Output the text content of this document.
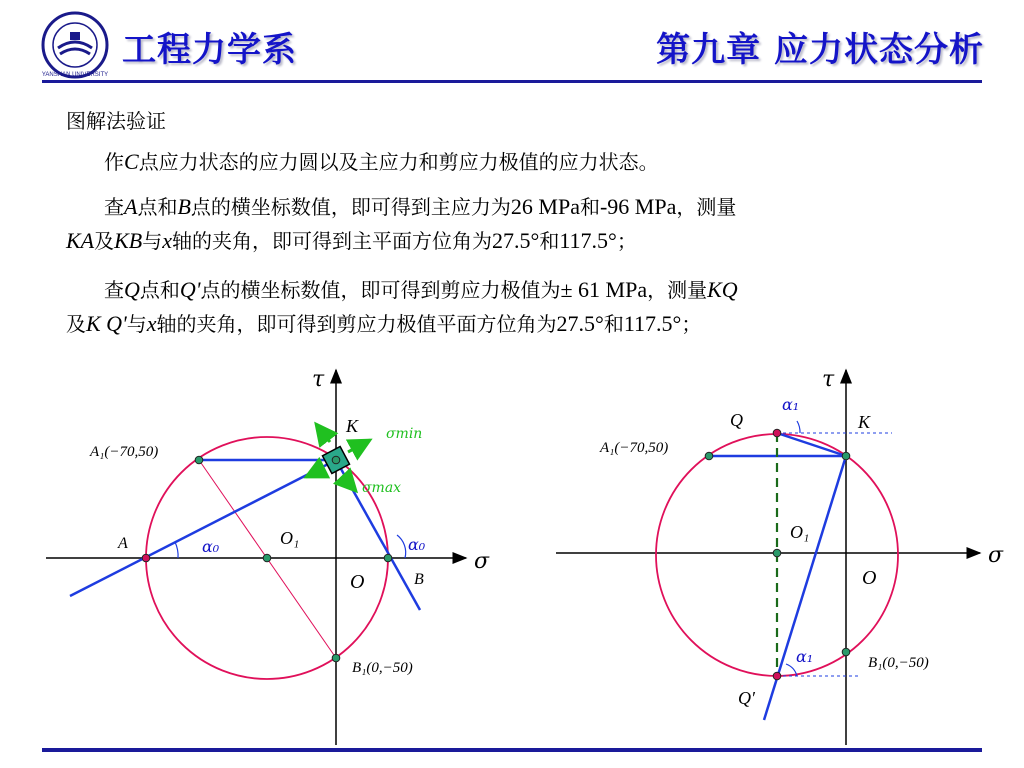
YANSHAN UNIVERSITY
工程力学系	第九章 应力状态分析
图解法验证
作C点应力状态的应力圆以及主应力和剪应力极值的应力状态。
查A点和B点的横坐标数值，即可得到主应力为26 MPa和-96 MPa，测量
KA及KB与x轴的夹角，即可得到主平面方位角为27.5°和117.5°；
查Q点和Q'点的横坐标数值，即可得到剪应力极值为± 61 MPa，测量KQ
及K Q'与x轴的夹角，即可得到剪应力极值平面方位角为27.5°和117.5°；
τ
σ
K
A₁(−70,50)
A	α₀	O₁
O
α₀
B
B₁(0,−50)
σmin
σmax
τ
σ
Q	K
α₁
A₁(−70,50)
O₁
O
α₁	B₁(0,−50)
Q′
